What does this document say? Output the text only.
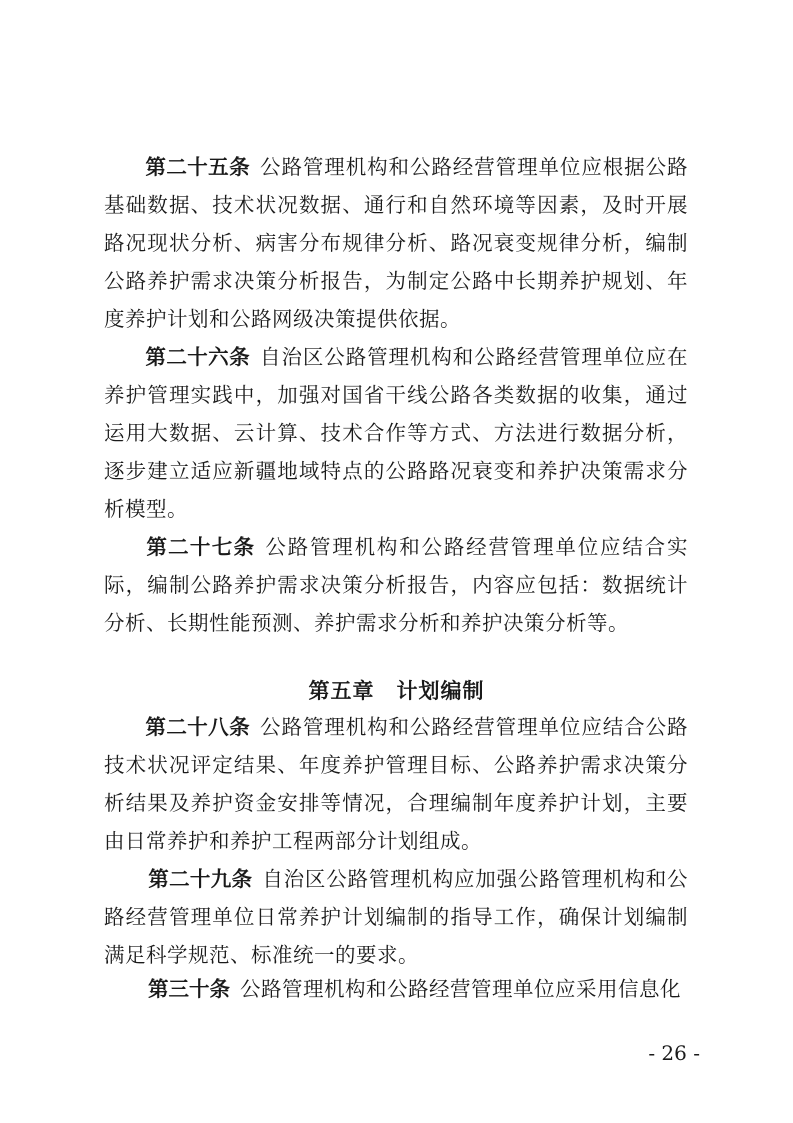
第二十五条 公路管理机构和公路经营管理单位应根据公路基础数据、技术状况数据、通行和自然环境等因素，及时开展路况现状分析、病害分布规律分析、路况衰变规律分析，编制公路养护需求决策分析报告，为制定公路中长期养护规划、年度养护计划和公路网级决策提供依据。

第二十六条 自治区公路管理机构和公路经营管理单位应在养护管理实践中，加强对国省干线公路各类数据的收集，通过运用大数据、云计算、技术合作等方式、方法进行数据分析，逐步建立适应新疆地域特点的公路路况衰变和养护决策需求分析模型。

第二十七条 公路管理机构和公路经营管理单位应结合实际，编制公路养护需求决策分析报告，内容应包括：数据统计分析、长期性能预测、养护需求分析和养护决策分析等。

第五章 计划编制

第二十八条 公路管理机构和公路经营管理单位应结合公路技术状况评定结果、年度养护管理目标、公路养护需求决策分析结果及养护资金安排等情况，合理编制年度养护计划，主要由日常养护和养护工程两部分计划组成。

第二十九条 自治区公路管理机构应加强公路管理机构和公路经营管理单位日常养护计划编制的指导工作，确保计划编制满足科学规范、标准统一的要求。

第三十条 公路管理机构和公路经营管理单位应采用信息化

- 26 -
